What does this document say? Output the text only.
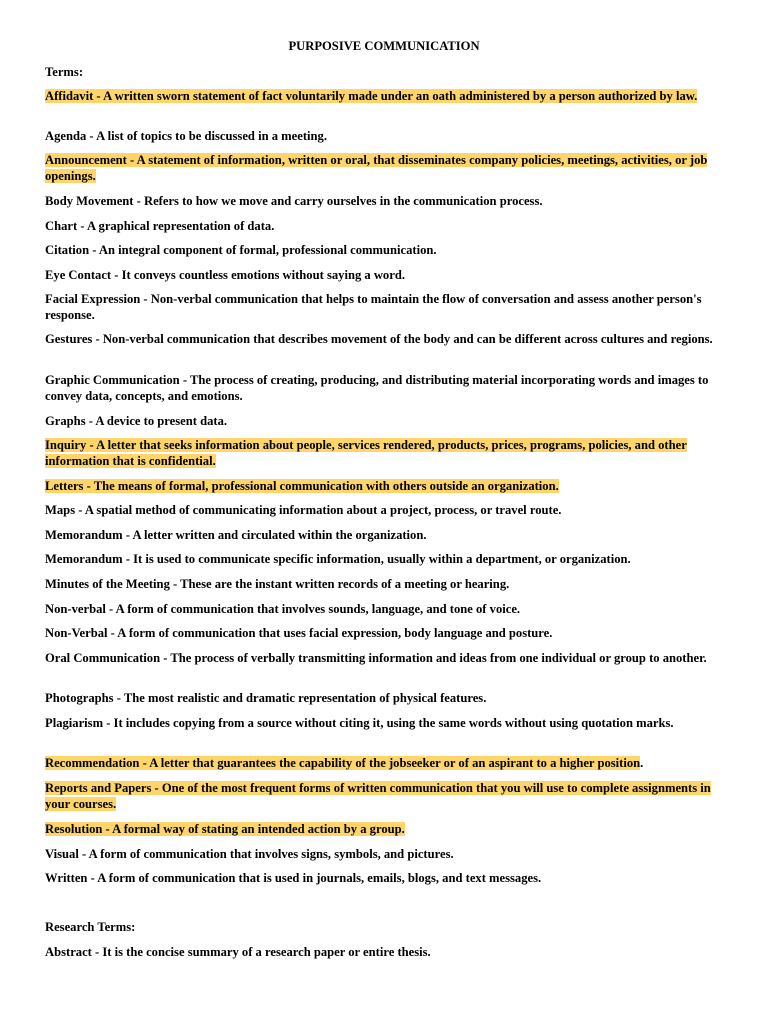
PURPOSIVE COMMUNICATION
Terms:
Affidavit - A written sworn statement of fact voluntarily made under an oath administered by a person authorized by law.
Agenda - A list of topics to be discussed in a meeting.
Announcement - A statement of information, written or oral, that disseminates company policies, meetings, activities, or job openings.
Body Movement - Refers to how we move and carry ourselves in the communication process.
Chart - A graphical representation of data.
Citation - An integral component of formal, professional communication.
Eye Contact - It conveys countless emotions without saying a word.
Facial Expression - Non-verbal communication that helps to maintain the flow of conversation and assess another person's response.
Gestures - Non-verbal communication that describes movement of the body and can be different across cultures and regions.
Graphic Communication - The process of creating, producing, and distributing material incorporating words and images to convey data, concepts, and emotions.
Graphs - A device to present data.
Inquiry - A letter that seeks information about people, services rendered, products, prices, programs, policies, and other information that is confidential.
Letters - The means of formal, professional communication with others outside an organization.
Maps - A spatial method of communicating information about a project, process, or travel route.
Memorandum - A letter written and circulated within the organization.
Memorandum - It is used to communicate specific information, usually within a department, or organization.
Minutes of the Meeting - These are the instant written records of a meeting or hearing.
Non-verbal - A form of communication that involves sounds, language, and tone of voice.
Non-Verbal - A form of communication that uses facial expression, body language and posture.
Oral Communication - The process of verbally transmitting information and ideas from one individual or group to another.
Photographs - The most realistic and dramatic representation of physical features.
Plagiarism - It includes copying from a source without citing it, using the same words without using quotation marks.
Recommendation - A letter that guarantees the capability of the jobseeker or of an aspirant to a higher position.
Reports and Papers - One of the most frequent forms of written communication that you will use to complete assignments in your courses.
Resolution - A formal way of stating an intended action by a group.
Visual - A form of communication that involves signs, symbols, and pictures.
Written - A form of communication that is used in journals, emails, blogs, and text messages.
Research Terms:
Abstract - It is the concise summary of a research paper or entire thesis.
